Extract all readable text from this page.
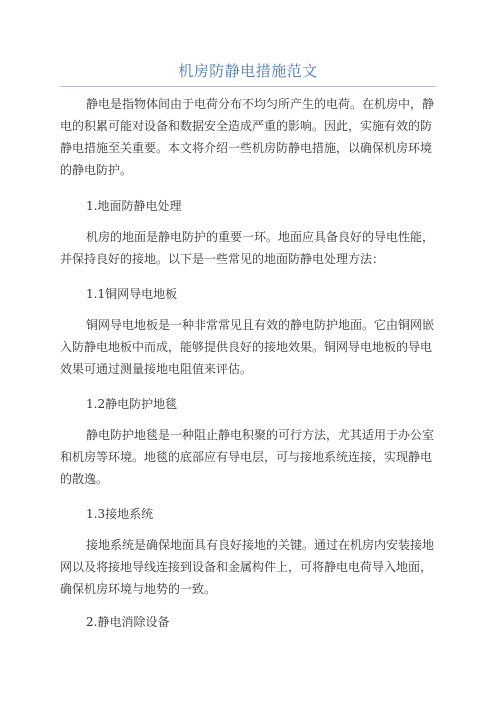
机房防静电措施范文

静电是指物体间由于电荷分布不均匀所产生的电荷。在机房中，静电的积累可能对设备和数据安全造成严重的影响。因此，实施有效的防静电措施至关重要。本文将介绍一些机房防静电措施，以确保机房环境的静电防护。

1.地面防静电处理

机房的地面是静电防护的重要一环。地面应具备良好的导电性能，并保持良好的接地。以下是一些常见的地面防静电处理方法：

1.1铜网导电地板

铜网导电地板是一种非常常见且有效的静电防护地面。它由铜网嵌入防静电地板中而成，能够提供良好的接地效果。铜网导电地板的导电效果可通过测量接地电阻值来评估。

1.2静电防护地毯

静电防护地毯是一种阻止静电积聚的可行方法，尤其适用于办公室和机房等环境。地毯的底部应有导电层，可与接地系统连接，实现静电的散逸。

1.3接地系统

接地系统是确保地面具有良好接地的关键。通过在机房内安装接地网以及将接地导线连接到设备和金属构件上，可将静电电荷导入地面，确保机房环境与地势的一致。

2.静电消除设备
